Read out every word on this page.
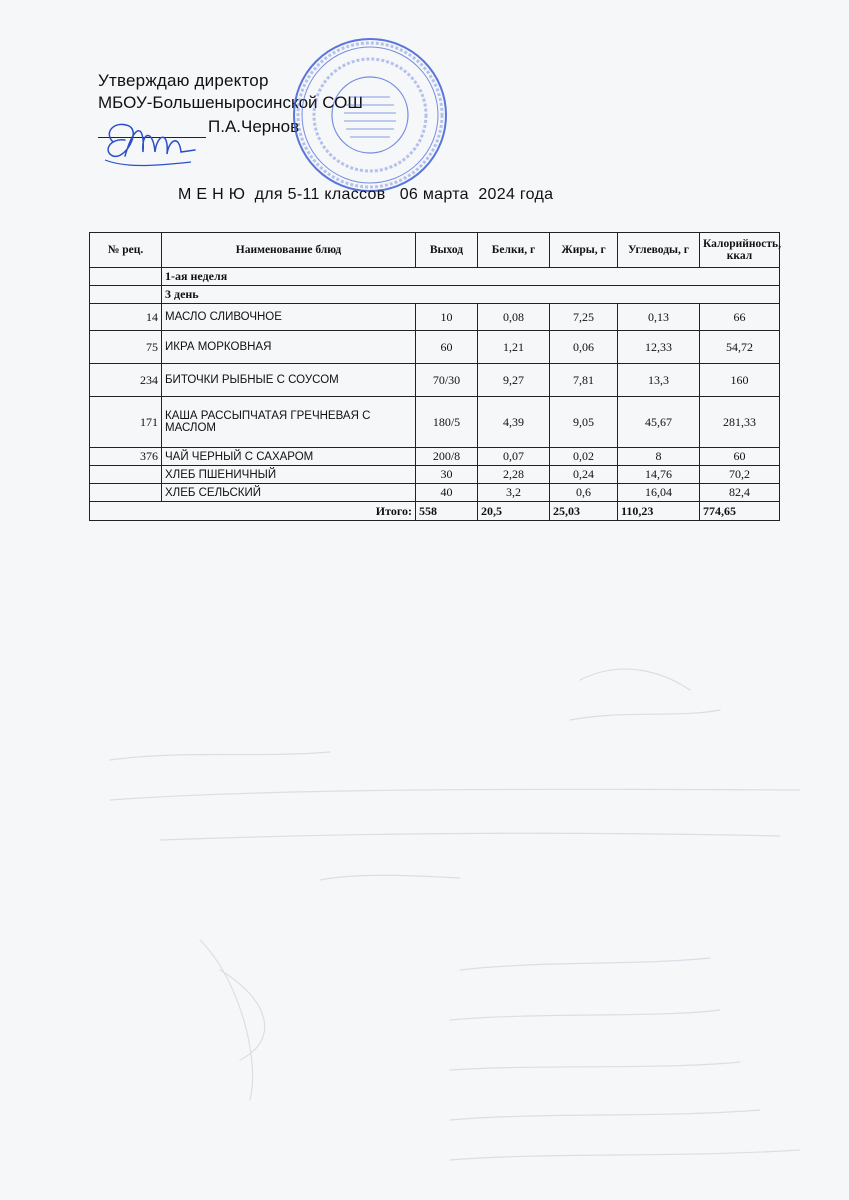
Утверждаю директор
МБОУ-Большеныросинской СОШ
П.А.Чернов
М Е Н Ю  для 5-11 классов   06 марта  2024 года
№ рец.	Наименование блюд	Выход	Белки, г	Жиры, г	Углеводы, г	Калорийность, ккал
	1-ая неделя					
	3 день					
14	МАСЛО СЛИВОЧНОЕ	10	0,08	7,25	0,13	66
75	ИКРА МОРКОВНАЯ	60	1,21	0,06	12,33	54,72
234	БИТОЧКИ РЫБНЫЕ С СОУСОМ	70/30	9,27	7,81	13,3	160
171	КАША РАССЫПЧАТАЯ ГРЕЧНЕВАЯ С МАСЛОМ	180/5	4,39	9,05	45,67	281,33
376	ЧАЙ ЧЕРНЫЙ С САХАРОМ	200/8	0,07	0,02	8	60
	ХЛЕБ ПШЕНИЧНЫЙ	30	2,28	0,24	14,76	70,2
	ХЛЕБ СЕЛЬСКИЙ	40	3,2	0,6	16,04	82,4
Итого:		558	20,5	25,03	110,23	774,65
